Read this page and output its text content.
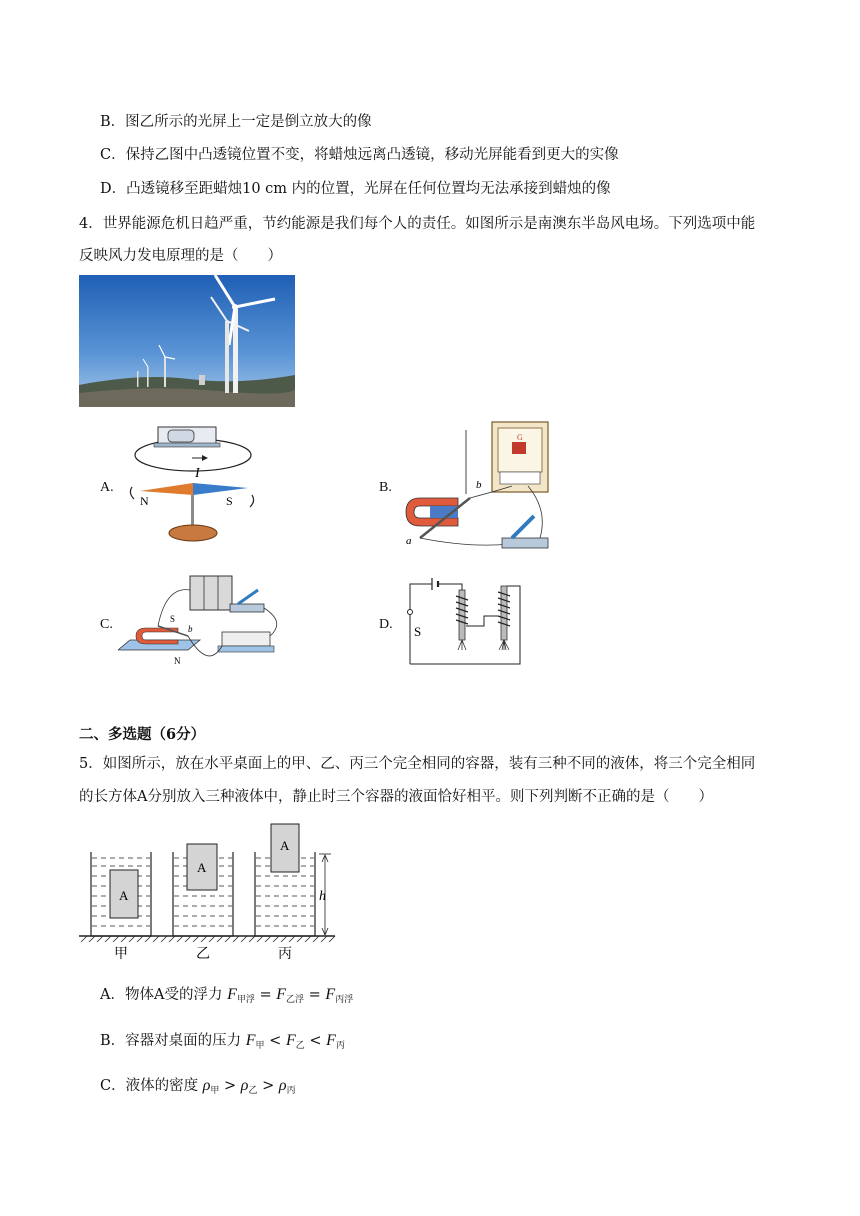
B．图乙所示的光屏上一定是倒立放大的像
C．保持乙图中凸透镜位置不变，将蜡烛远离凸透镜，移动光屏能看到更大的实像
D．凸透镜移至距蜡烛10 cm 内的位置，光屏在任何位置均无法承接到蜡烛的像
4．世界能源危机日趋严重，节约能源是我们每个人的责任。如图所示是南澳东半岛风电场。下列选项中能
反映风力发电原理的是（　　）
A.
I
N	S
B.
G
b
a
C.	S
N
b	D. S
二、多选题（6分）
5．如图所示，放在水平桌面上的甲、乙、丙三个完全相同的容器，装有三种不同的液体，将三个完全相同
的长方体A分别放入三种液体中，静止时三个容器的液面恰好相平。则下列判断不正确的是（　　）
A
A
A
h
甲	乙	丙
A．物体A受的浮力 $F_{甲浮} = F_{乙浮} = F_{丙浮}$
B．容器对桌面的压力 $F_甲 < F_乙 < F_丙$
C．液体的密度 $\rho_甲 > \rho_乙 > \rho_丙$
